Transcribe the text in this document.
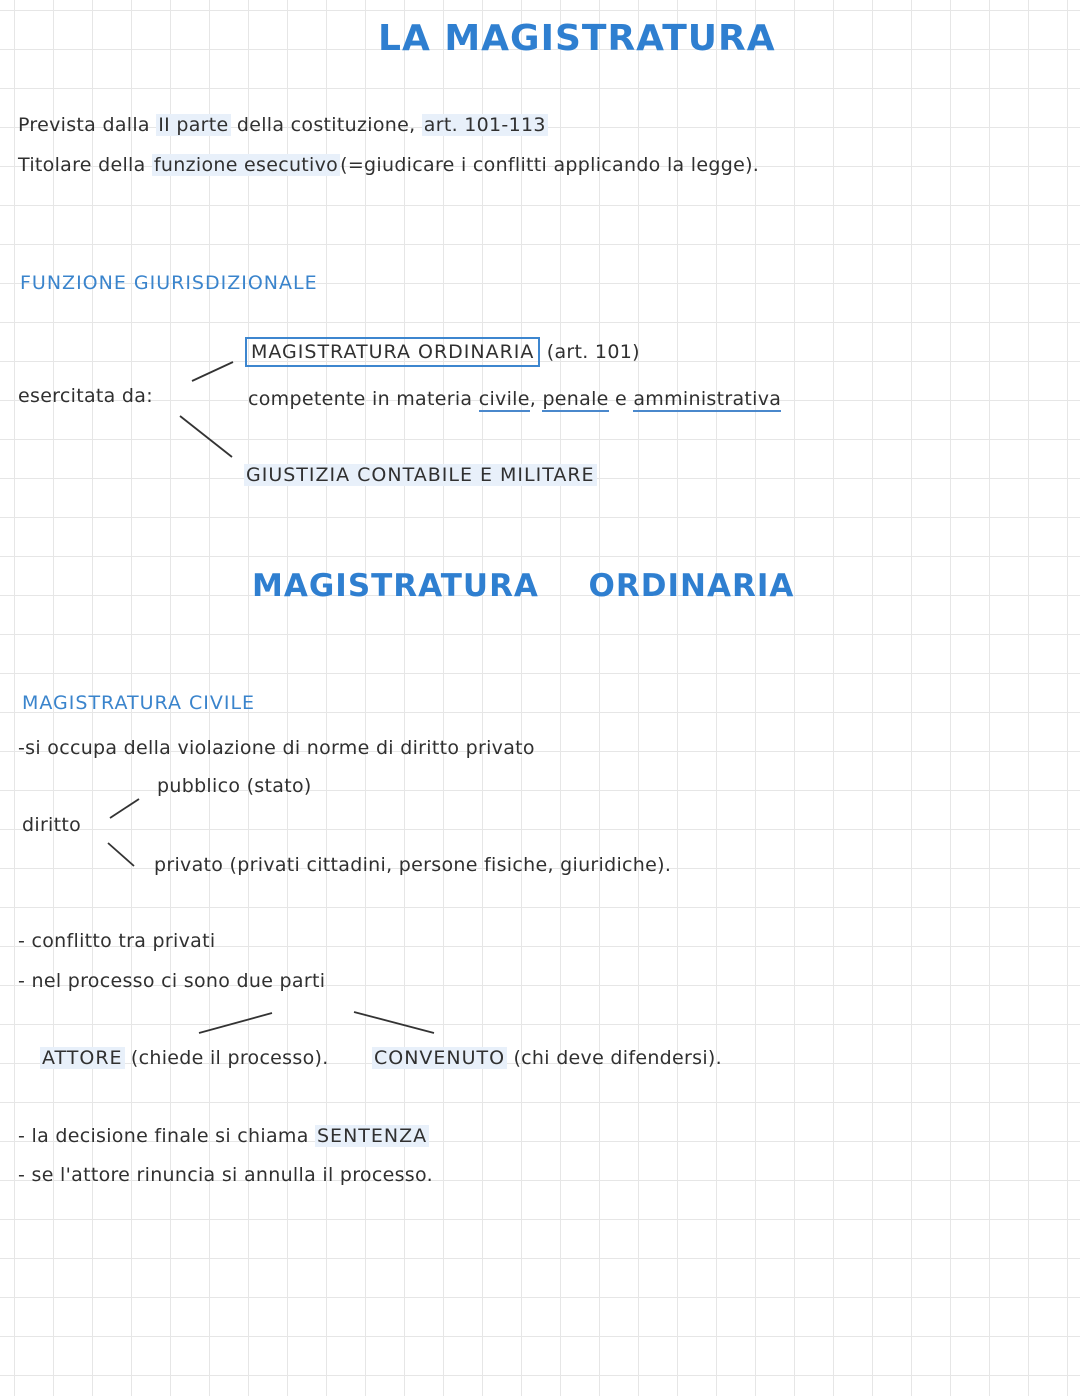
LA MAGISTRATURA
Prevista dalla II parte della costituzione, art. 101-113
Titolare della funzione esecutivo (=giudicare i conflitti applicando la legge).
FUNZIONE GIURISDIZIONALE
esercitata da:
MAGISTRATURA ORDINARIA (art. 101)
competente in materia civile, penale e amministrativa
GIUSTIZIA CONTABILE E MILITARE
MAGISTRATURA ORDINARIA
MAGISTRATURA CIVILE
-si occupa della violazione di norme di diritto privato
pubblico (stato)
diritto
privato (privati cittadini, persone fisiche, giuridiche).
- conflitto tra privati
- nel processo ci sono due parti
ATTORE (chiede il processo). CONVENUTO (chi deve difendersi).
- la decisione finale si chiama SENTENZA
- se l'attore rinuncia si annulla il processo.
